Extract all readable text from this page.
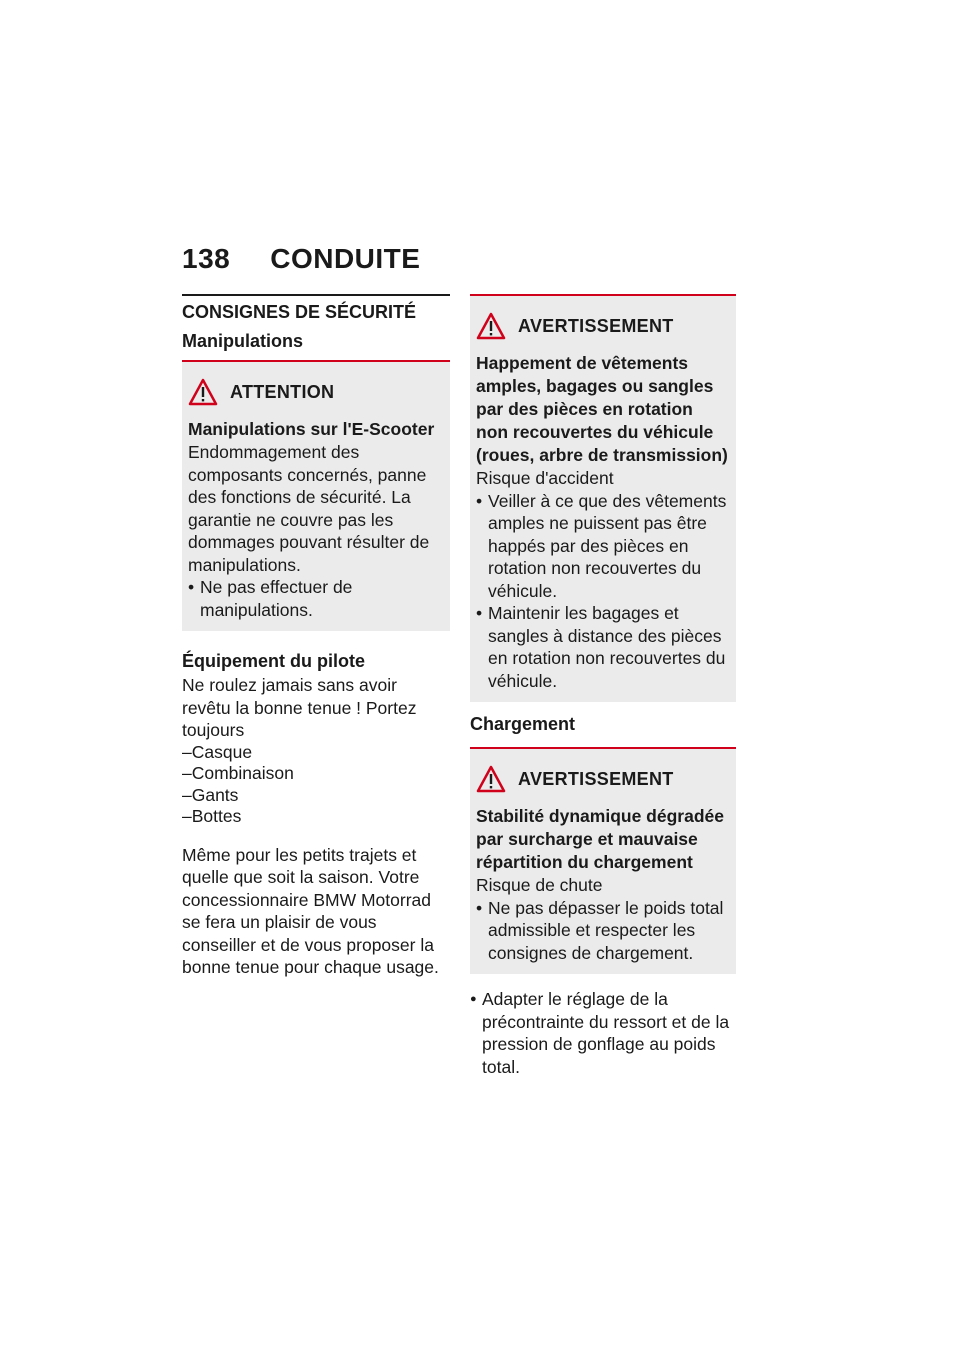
138 CONDUITE
CONSIGNES DE SÉCURITÉ
Manipulations
ATTENTION
Manipulations sur l'E-Scooter
Endommagement des composants concernés, panne des fonctions de sécurité. La garantie ne couvre pas les dommages pouvant résulter de manipulations.
• Ne pas effectuer de manipulations.
Équipement du pilote
Ne roulez jamais sans avoir revêtu la bonne tenue ! Portez toujours
–Casque
–Combinaison
–Gants
–Bottes
Même pour les petits trajets et quelle que soit la saison. Votre concessionnaire BMW Motorrad se fera un plaisir de vous conseiller et de vous proposer la bonne tenue pour chaque usage.
AVERTISSEMENT
Happement de vêtements amples, bagages ou sangles par des pièces en rotation non recouvertes du véhicule (roues, arbre de transmission)
Risque d'accident
• Veiller à ce que des vêtements amples ne puissent pas être happés par des pièces en rotation non recouvertes du véhicule.
• Maintenir les bagages et sangles à distance des pièces en rotation non recouvertes du véhicule.
Chargement
AVERTISSEMENT
Stabilité dynamique dégradée par surcharge et mauvaise répartition du chargement
Risque de chute
• Ne pas dépasser le poids total admissible et respecter les consignes de chargement.
● Adapter le réglage de la précontrainte du ressort et de la pression de gonflage au poids total.
